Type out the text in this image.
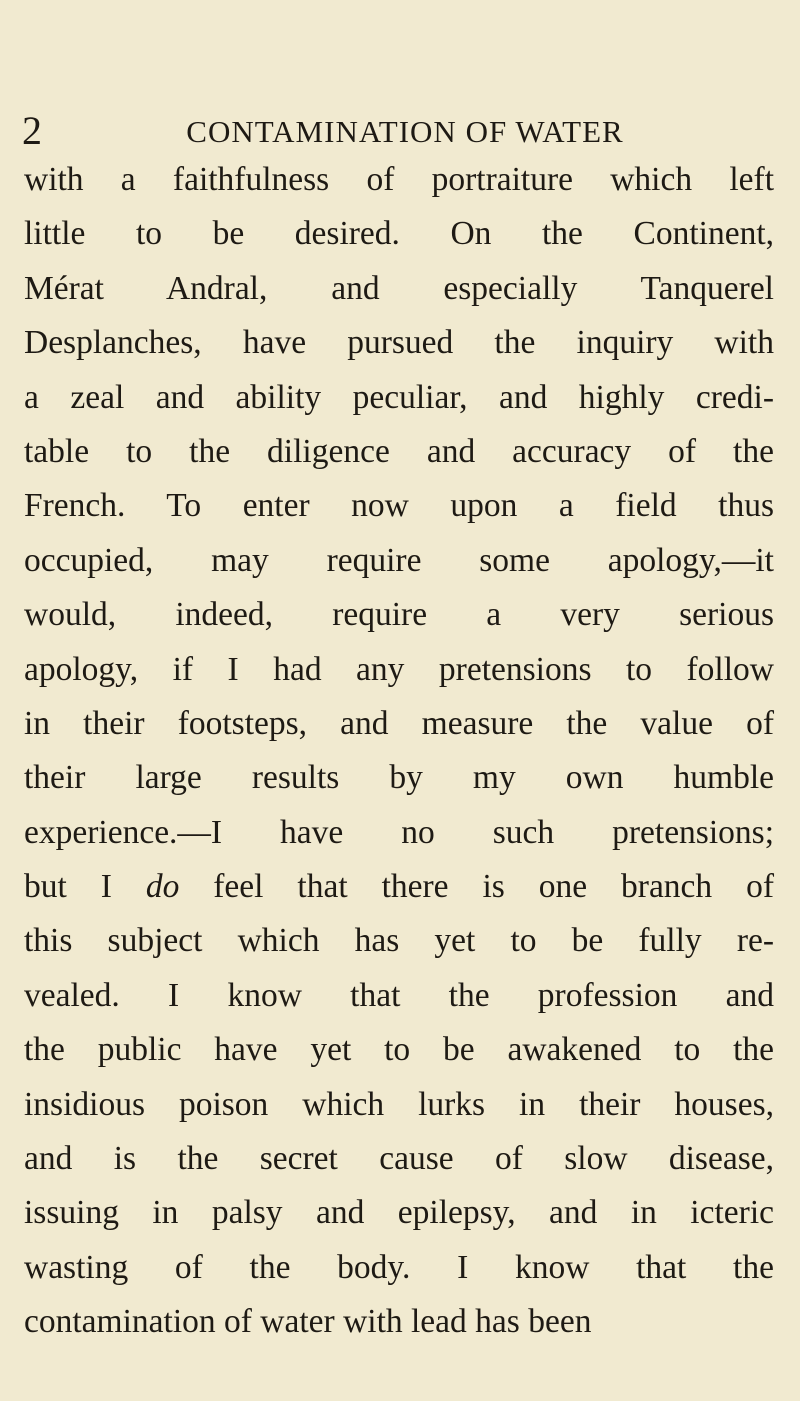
2	CONTAMINATION OF WATER
with a faithfulness of portraiture which left
little to be desired. On the Continent,
Mérat Andral, and especially Tanquerel
Desplanches, have pursued the inquiry with
a zeal and ability peculiar, and highly credi-
table to the diligence and accuracy of the
French. To enter now upon a field thus
occupied, may require some apology,—it
would, indeed, require a very serious
apology, if I had any pretensions to follow
in their footsteps, and measure the value of
their large results by my own humble
experience.—I have no such pretensions;
but I do feel that there is one branch of
this subject which has yet to be fully re-
vealed. I know that the profession and
the public have yet to be awakened to the
insidious poison which lurks in their houses,
and is the secret cause of slow disease,
issuing in palsy and epilepsy, and in icteric
wasting of the body. I know that the
contamination of water with lead has been
